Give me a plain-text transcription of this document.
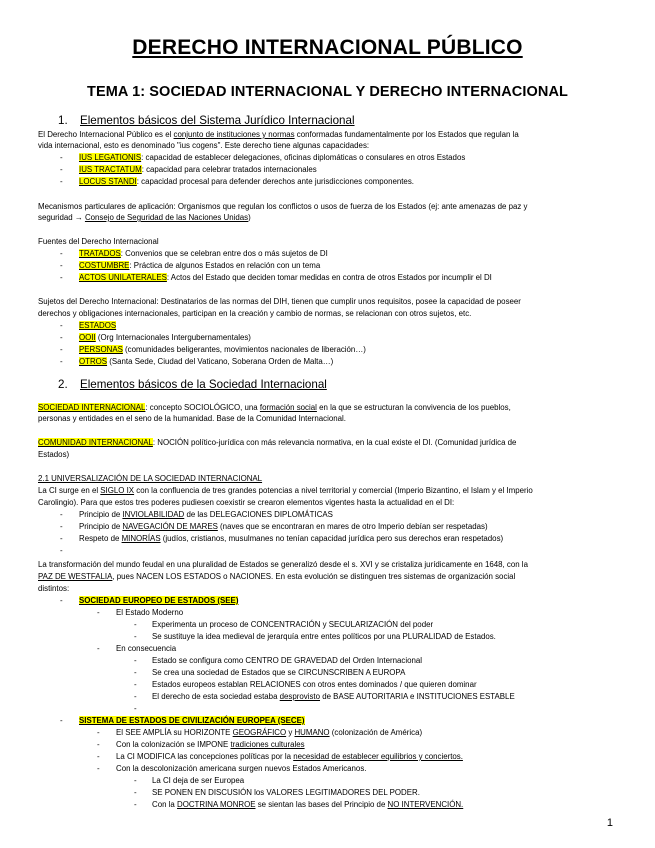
DERECHO INTERNACIONAL PÚBLICO
TEMA 1: SOCIEDAD INTERNACIONAL Y DERECHO INTERNACIONAL
1. Elementos básicos del Sistema Jurídico Internacional
El Derecho Internacional Público es el conjunto de instituciones y normas conformadas fundamentalmente por los Estados que regulan la
vida internacional, esto es denominado "ius cogens". Este derecho tiene algunas capacidades:
- IUS LEGATIONIS: capacidad de establecer delegaciones, oficinas diplomáticas o consulares en otros Estados
- IUS TRACTATUM: capacidad para celebrar tratados internacionales
- LOCUS STANDI: capacidad procesal para defender derechos ante jurisdicciones componentes.
Mecanismos particulares de aplicación: Organismos que regulan los conflictos o usos de fuerza de los Estados (ej: ante amenazas de paz y
seguridad → Consejo de Seguridad de las Naciones Unidas)
Fuentes del Derecho Internacional
- TRATADOS: Convenios que se celebran entre dos o más sujetos de DI
- COSTUMBRE: Práctica de algunos Estados en relación con un tema
- ACTOS UNILATERALES: Actos del Estado que deciden tomar medidas en contra de otros Estados por incumplir el DI
Sujetos del Derecho Internacional: Destinatarios de las normas del DIH, tienen que cumplir unos requisitos, posee la capacidad de poseer
derechos y obligaciones internacionales, participan en la creación y cambio de normas, se relacionan con otros sujetos, etc.
- ESTADOS
- OOII (Org Internacionales Intergubernamentales)
- PERSONAS (comunidades beligerantes, movimientos nacionales de liberación…)
- OTROS (Santa Sede, Ciudad del Vaticano, Soberana Orden de Malta…)
2. Elementos básicos de la Sociedad Internacional
SOCIEDAD INTERNACIONAL: concepto SOCIOLÓGICO, una formación social en la que se estructuran la convivencia de los pueblos,
personas y entidades en el seno de la humanidad. Base de la Comunidad Internacional.
COMUNIDAD INTERNACIONAL: NOCIÓN político-jurídica con más relevancia normativa, en la cual existe el DI. (Comunidad jurídica de
Estados)
2.1 UNIVERSALIZACIÓN DE LA SOCIEDAD INTERNACIONAL
La CI surge en el SIGLO IX con la confluencia de tres grandes potencias a nivel territorial y comercial (Imperio Bizantino, el Islam y el Imperio
Carolingio). Para que estos tres poderes pudiesen coexistir se crearon elementos vigentes hasta la actualidad en el DI:
- Principio de INVIOLABILIDAD de las DELEGACIONES DIPLOMÁTICAS
- Principio de NAVEGACIÓN DE MARES (naves que se encontraran en mares de otro Imperio debían ser respetadas)
- Respeto de MINORÍAS (judíos, cristianos, musulmanes no tenían capacidad jurídica pero sus derechos eran respetados)
-
La transformación del mundo feudal en una pluralidad de Estados se generalizó desde el s. XVI y se cristaliza jurídicamente en 1648, con la
PAZ DE WESTFALIA, pues NACEN LOS ESTADOS o NACIONES. En esta evolución se distinguen tres sistemas de organización social
distintos:
- SOCIEDAD EUROPEO DE ESTADOS (SEE)
- El Estado Moderno
- Experimenta un proceso de CONCENTRACIÓN y SECULARIZACIÓN del poder
- Se sustituye la idea medieval de jerarquía entre entes políticos por una PLURALIDAD de Estados.
- En consecuencia
- Estado se configura como CENTRO DE GRAVEDAD del Orden Internacional
- Se crea una sociedad de Estados que se CIRCUNSCRIBEN A EUROPA
- Estados europeos establan RELACIONES con otros entes dominados / que quieren dominar
- El derecho de esta sociedad estaba desprovisto de BASE AUTORITARIA e INSTITUCIONES ESTABLE
-
- SISTEMA DE ESTADOS DE CIVILIZACIÓN EUROPEA (SECE)
- El SEE AMPLÍA su HORIZONTE GEOGRÁFICO y HUMANO (colonización de América)
- Con la colonización se IMPONE tradiciones culturales
- La CI MODIFICA las concepciones políticas por la necesidad de establecer equilibrios y conciertos.
- Con la descolonización americana surgen nuevos Estados Americanos.
- La CI deja de ser Europea
- SE PONEN EN DISCUSIÓN los VALORES LEGITIMADORES DEL PODER.
- Con la DOCTRINA MONROE se sientan las bases del Principio de NO INTERVENCIÓN.
1
